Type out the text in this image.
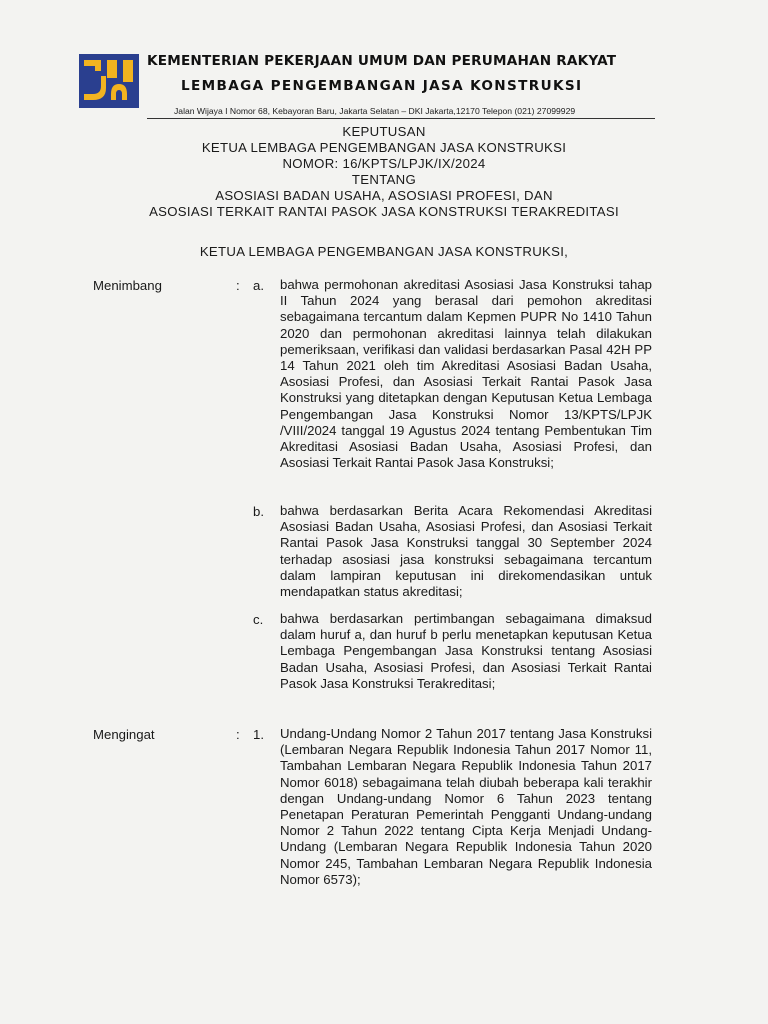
KEMENTERIAN PEKERJAAN UMUM DAN PERUMAHAN RAKYAT
LEMBAGA PENGEMBANGAN JASA KONSTRUKSI
Jalan Wijaya I Nomor 68, Kebayoran Baru, Jakarta Selatan – DKI Jakarta,12170 Telepon (021) 27099929
KEPUTUSAN
KETUA LEMBAGA PENGEMBANGAN JASA KONSTRUKSI
NOMOR: 16/KPTS/LPJK/IX/2024
TENTANG
ASOSIASI BADAN USAHA, ASOSIASI PROFESI, DAN
ASOSIASI TERKAIT RANTAI PASOK JASA KONSTRUKSI TERAKREDITASI
KETUA LEMBAGA PENGEMBANGAN JASA KONSTRUKSI,
Menimbang	: a. bahwa permohonan akreditasi Asosiasi Jasa Konstruksi tahap II Tahun 2024 yang berasal dari pemohon akreditasi sebagaimana tercantum dalam Kepmen PUPR No 1410 Tahun 2020 dan permohonan akreditasi lainnya telah dilakukan pemeriksaan, verifikasi dan validasi berdasarkan Pasal 42H PP 14 Tahun 2021 oleh tim Akreditasi Asosiasi Badan Usaha, Asosiasi Profesi, dan Asosiasi Terkait Rantai Pasok Jasa Konstruksi yang ditetapkan dengan Keputusan Ketua Lembaga Pengembangan Jasa Konstruksi Nomor 13/KPTS/LPJK /VIII/2024 tanggal 19 Agustus 2024 tentang Pembentukan Tim Akreditasi Asosiasi Badan Usaha, Asosiasi Profesi, dan Asosiasi Terkait Rantai Pasok Jasa Konstruksi;
b. bahwa berdasarkan Berita Acara Rekomendasi Akreditasi Asosiasi Badan Usaha, Asosiasi Profesi, dan Asosiasi Terkait Rantai Pasok Jasa Konstruksi tanggal 30 September 2024 terhadap asosiasi jasa konstruksi sebagaimana tercantum dalam lampiran keputusan ini direkomendasikan untuk mendapatkan status akreditasi;
c. bahwa berdasarkan pertimbangan sebagaimana dimaksud dalam huruf a, dan huruf b perlu menetapkan keputusan Ketua Lembaga Pengembangan Jasa Konstruksi tentang Asosiasi Badan Usaha, Asosiasi Profesi, dan Asosiasi Terkait Rantai Pasok Jasa Konstruksi Terakreditasi;
Mengingat	: 1. Undang-Undang Nomor 2 Tahun 2017 tentang Jasa Konstruksi (Lembaran Negara Republik Indonesia Tahun 2017 Nomor 11, Tambahan Lembaran Negara Republik Indonesia Tahun 2017 Nomor 6018) sebagaimana telah diubah beberapa kali terakhir dengan Undang-undang Nomor 6 Tahun 2023 tentang Penetapan Peraturan Pemerintah Pengganti Undang-undang Nomor 2 Tahun 2022 tentang Cipta Kerja Menjadi Undang-Undang (Lembaran Negara Republik Indonesia Tahun 2020 Nomor 245, Tambahan Lembaran Negara Republik Indonesia Nomor 6573);
